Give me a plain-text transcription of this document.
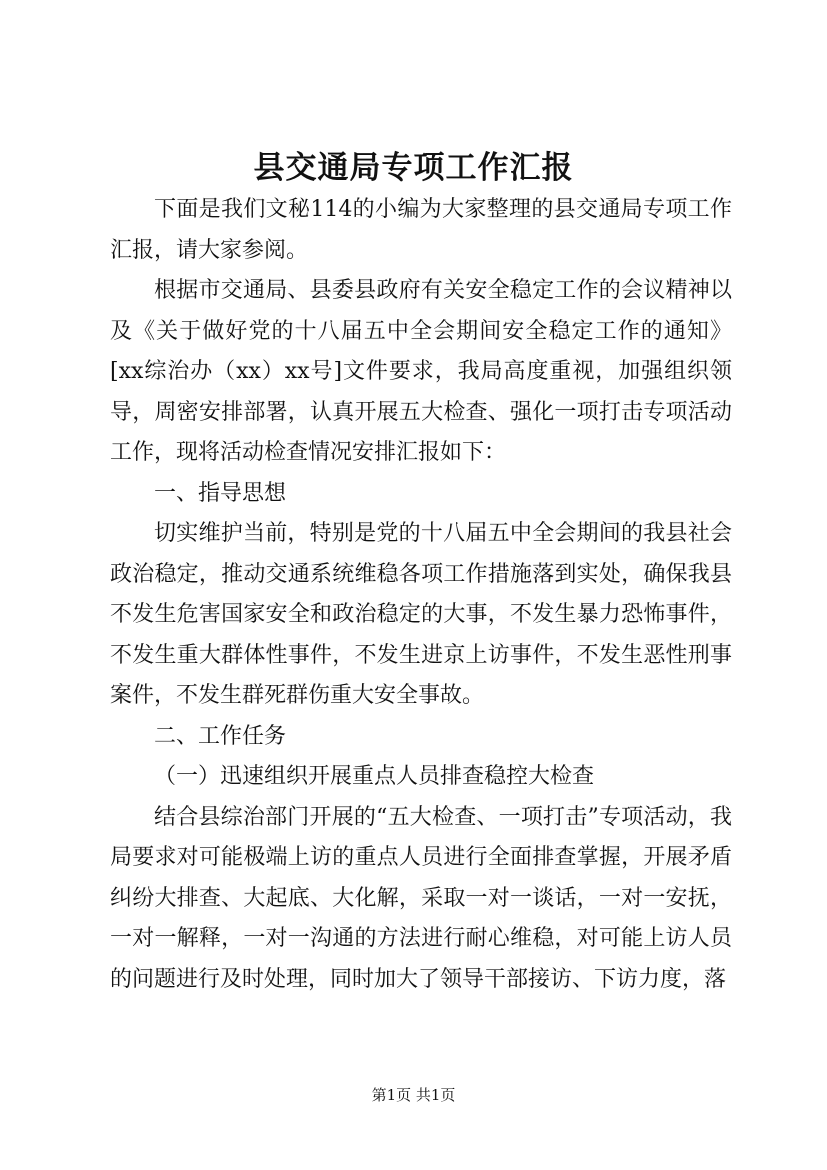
县交通局专项工作汇报

下面是我们文秘114的小编为大家整理的县交通局专项工作汇报，请大家参阅。

根据市交通局、县委县政府有关安全稳定工作的会议精神以及《关于做好党的十八届五中全会期间安全稳定工作的通知》[xx综治办（xx）xx号]文件要求，我局高度重视，加强组织领导，周密安排部署，认真开展五大检查、强化一项打击专项活动工作，现将活动检查情况安排汇报如下：

一、指导思想

切实维护当前，特别是党的十八届五中全会期间的我县社会政治稳定，推动交通系统维稳各项工作措施落到实处，确保我县不发生危害国家安全和政治稳定的大事，不发生暴力恐怖事件，不发生重大群体性事件，不发生进京上访事件，不发生恶性刑事案件，不发生群死群伤重大安全事故。

二、工作任务

（一）迅速组织开展重点人员排查稳控大检查

结合县综治部门开展的“五大检查、一项打击”专项活动，我局要求对可能极端上访的重点人员进行全面排查掌握，开展矛盾纠纷大排查、大起底、大化解，采取一对一谈话，一对一安抚，一对一解释，一对一沟通的方法进行耐心维稳，对可能上访人员的问题进行及时处理，同时加大了领导干部接访、下访力度，落

第1页 共1页
